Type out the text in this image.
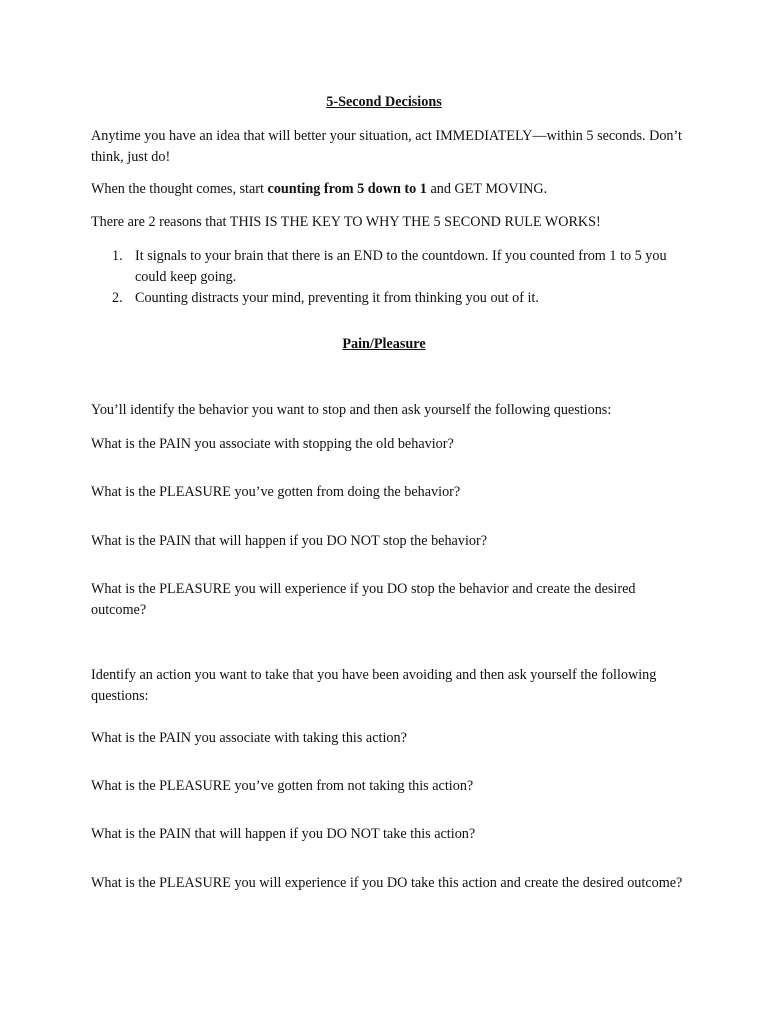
5-Second Decisions

Anytime you have an idea that will better your situation, act IMMEDIATELY—within 5 seconds. Don’t think, just do!

When the thought comes, start counting from 5 down to 1 and GET MOVING.

There are 2 reasons that THIS IS THE KEY TO WHY THE 5 SECOND RULE WORKS!

1. It signals to your brain that there is an END to the countdown. If you counted from 1 to 5 you could keep going.
2. Counting distracts your mind, preventing it from thinking you out of it.
Pain/Pleasure

You’ll identify the behavior you want to stop and then ask yourself the following questions:

What is the PAIN you associate with stopping the old behavior?

What is the PLEASURE you’ve gotten from doing the behavior?

What is the PAIN that will happen if you DO NOT stop the behavior?

What is the PLEASURE you will experience if you DO stop the behavior and create the desired outcome?

Identify an action you want to take that you have been avoiding and then ask yourself the following questions:

What is the PAIN you associate with taking this action?

What is the PLEASURE you’ve gotten from not taking this action?

What is the PAIN that will happen if you DO NOT take this action?

What is the PLEASURE you will experience if you DO take this action and create the desired outcome?
